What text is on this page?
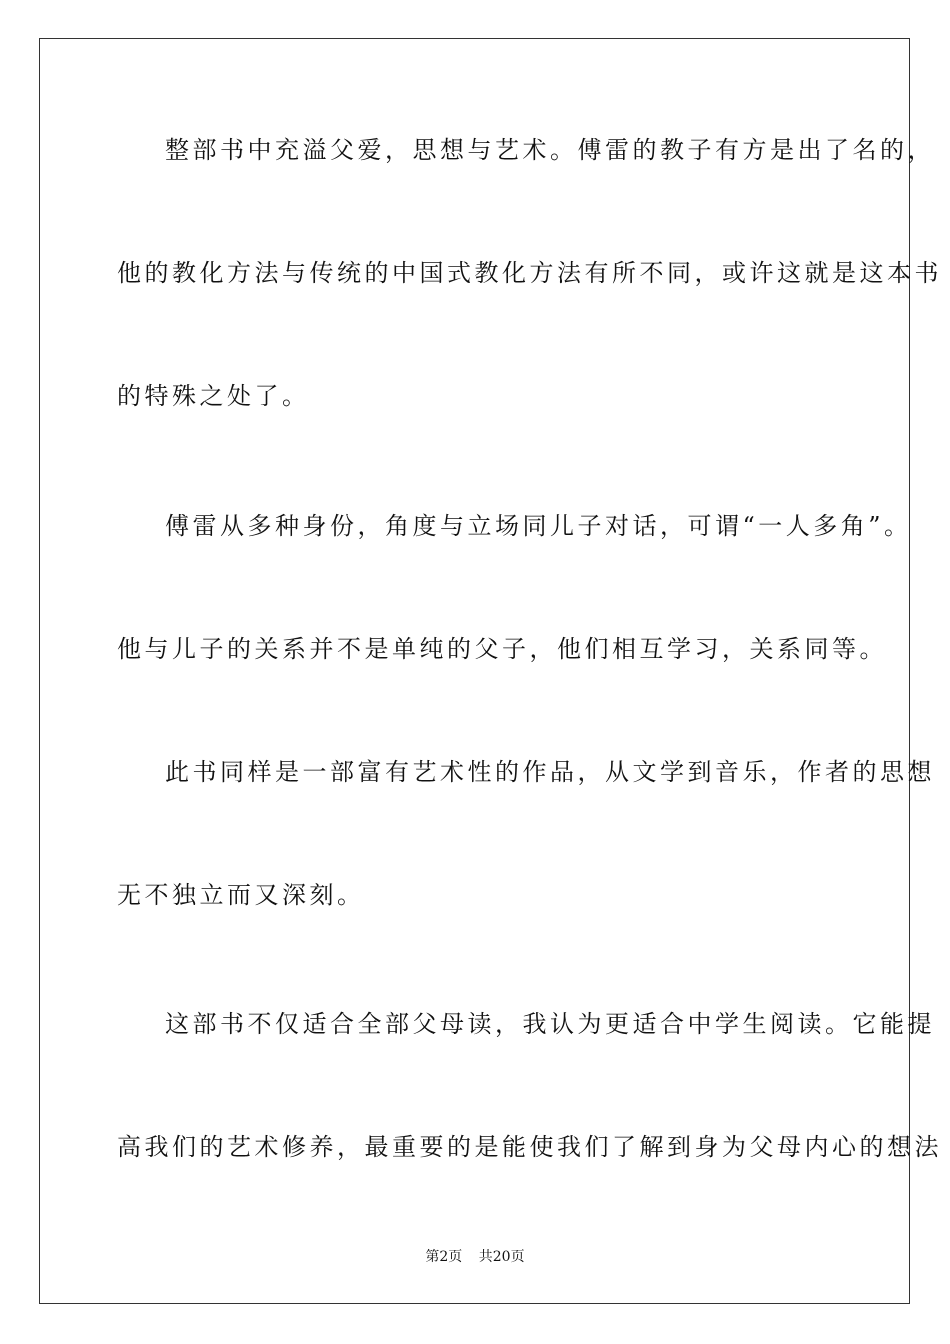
整部书中充溢父爱，思想与艺术。傅雷的教子有方是出了名的，
他的教化方法与传统的中国式教化方法有所不同，或许这就是这本书
的特殊之处了。
傅雷从多种身份，角度与立场同儿子对话，可谓“一人多角”。
他与儿子的关系并不是单纯的父子，他们相互学习，关系同等。
此书同样是一部富有艺术性的作品，从文学到音乐，作者的思想
无不独立而又深刻。
这部书不仅适合全部父母读，我认为更适合中学生阅读。它能提
高我们的艺术修养，最重要的是能使我们了解到身为父母内心的想法
第2页 共20页
